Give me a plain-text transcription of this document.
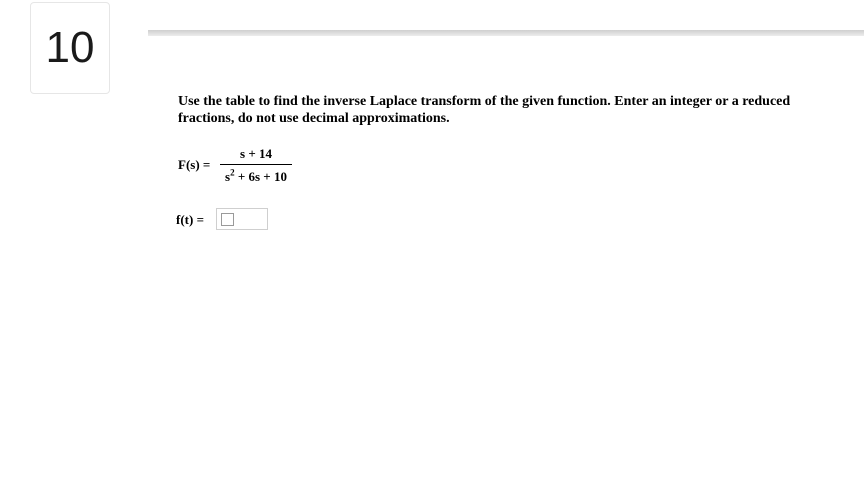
10
Use the table to find the inverse Laplace transform of the given function. Enter an integer or a reduced
fractions, do not use decimal approximations.
F(s) =
s + 14
$s^2 + 6s + 10$
f(t) =
